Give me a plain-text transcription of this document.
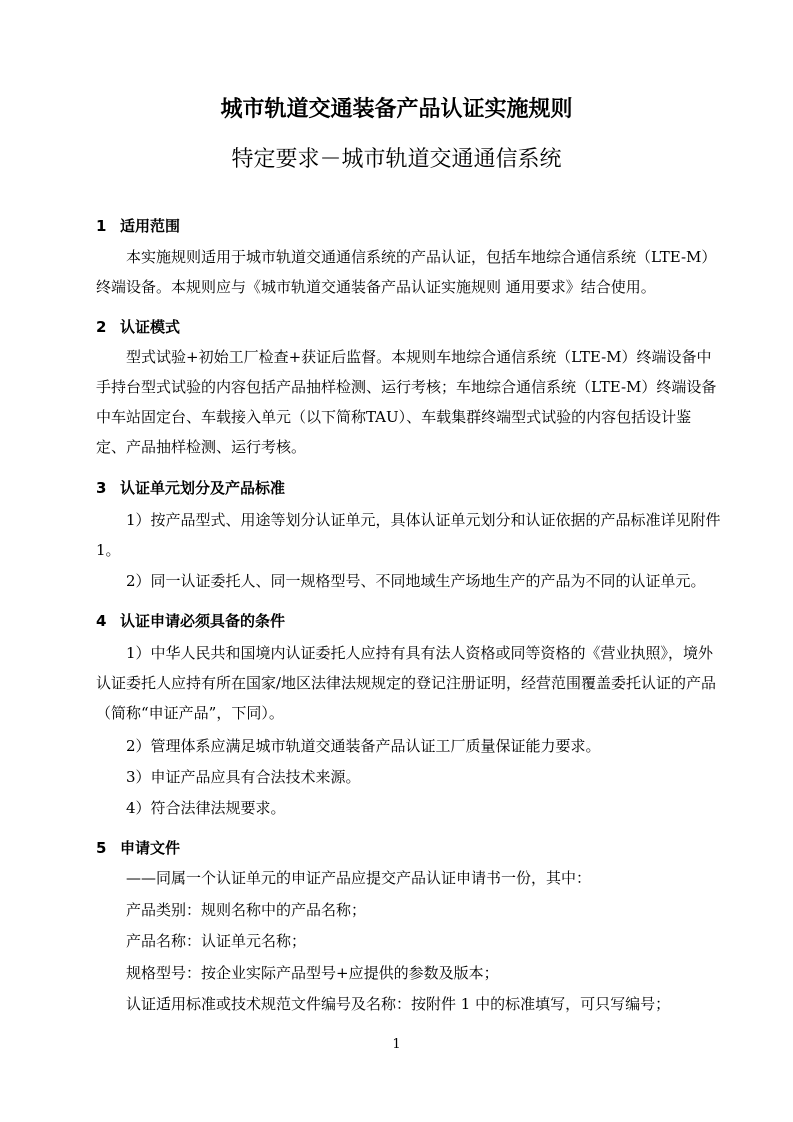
城市轨道交通装备产品认证实施规则
特定要求－城市轨道交通通信系统
1 适用范围
本实施规则适用于城市轨道交通通信系统的产品认证，包括车地综合通信系统（LTE-M）终端设备。本规则应与《城市轨道交通装备产品认证实施规则 通用要求》结合使用。
2 认证模式
型式试验+初始工厂检查+获证后监督。本规则车地综合通信系统（LTE-M）终端设备中手持台型式试验的内容包括产品抽样检测、运行考核；车地综合通信系统（LTE-M）终端设备中车站固定台、车载接入单元（以下简称TAU）、车载集群终端型式试验的内容包括设计鉴定、产品抽样检测、运行考核。
3 认证单元划分及产品标准
1）按产品型式、用途等划分认证单元，具体认证单元划分和认证依据的产品标准详见附件1。
2）同一认证委托人、同一规格型号、不同地域生产场地生产的产品为不同的认证单元。
4 认证申请必须具备的条件
1）中华人民共和国境内认证委托人应持有具有法人资格或同等资格的《营业执照》，境外认证委托人应持有所在国家/地区法律法规规定的登记注册证明，经营范围覆盖委托认证的产品（简称“申证产品”，下同）。
2）管理体系应满足城市轨道交通装备产品认证工厂质量保证能力要求。
3）申证产品应具有合法技术来源。
4）符合法律法规要求。
5 申请文件
——同属一个认证单元的申证产品应提交产品认证申请书一份，其中：
产品类别：规则名称中的产品名称；
产品名称：认证单元名称；
规格型号：按企业实际产品型号+应提供的参数及版本；
认证适用标准或技术规范文件编号及名称：按附件 1 中的标准填写，可只写编号；
1
